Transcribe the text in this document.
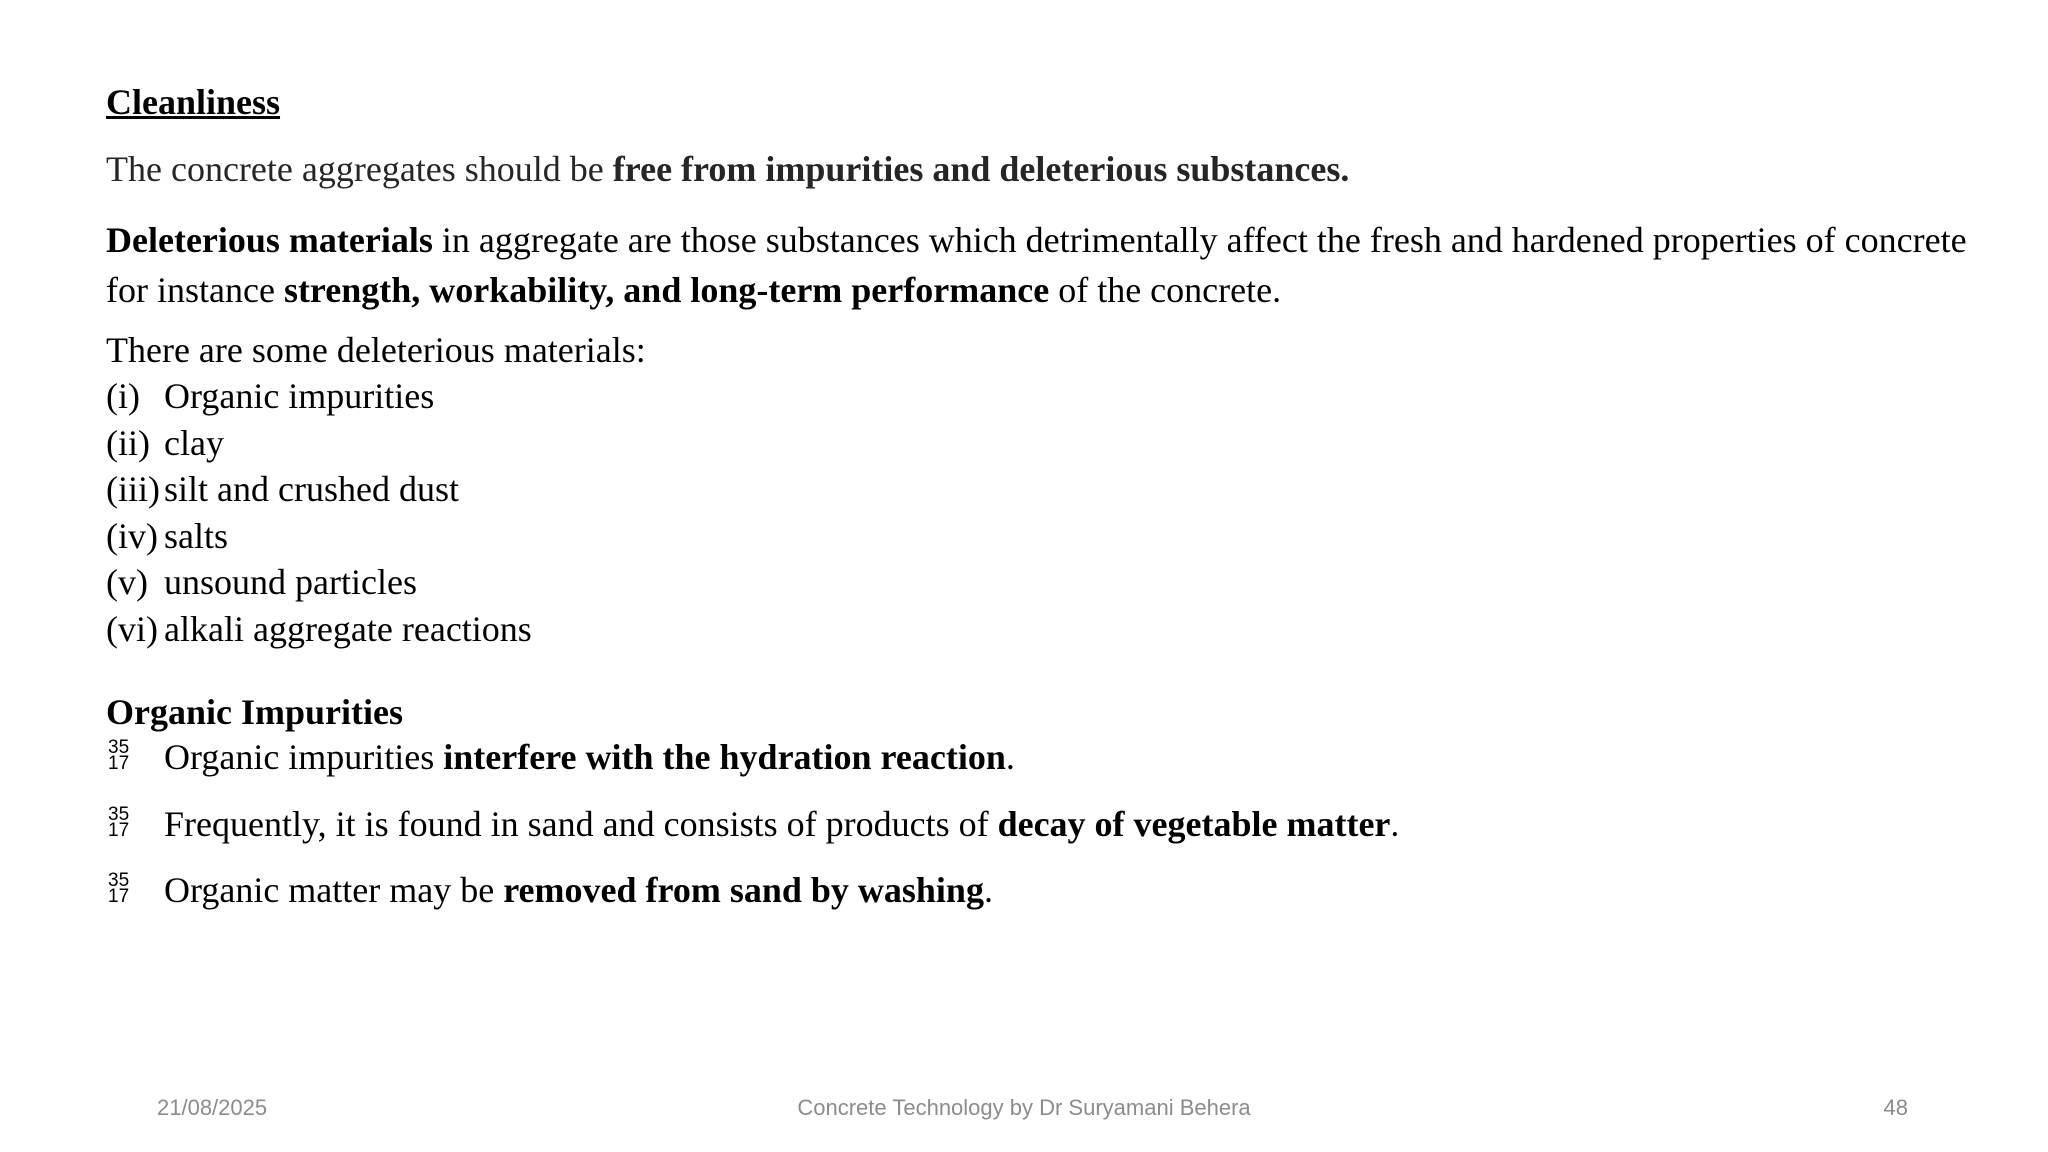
Cleanliness
The concrete aggregates should be free from impurities and deleterious substances.
Deleterious materials in aggregate are those substances which detrimentally affect the fresh and hardened properties of concrete for instance strength, workability, and long-term performance of the concrete.
There are some deleterious materials:
(i) Organic impurities
(ii) clay
(iii) silt and crushed dust
(iv) salts
(v) unsound particles
(vi) alkali aggregate reactions
Organic Impurities
35
17 Organic impurities interfere with the hydration reaction.
35
17 Frequently, it is found in sand and consists of products of decay of vegetable matter.
35
17 Organic matter may be removed from sand by washing.
21/08/2025	Concrete Technology by Dr Suryamani Behera	48
